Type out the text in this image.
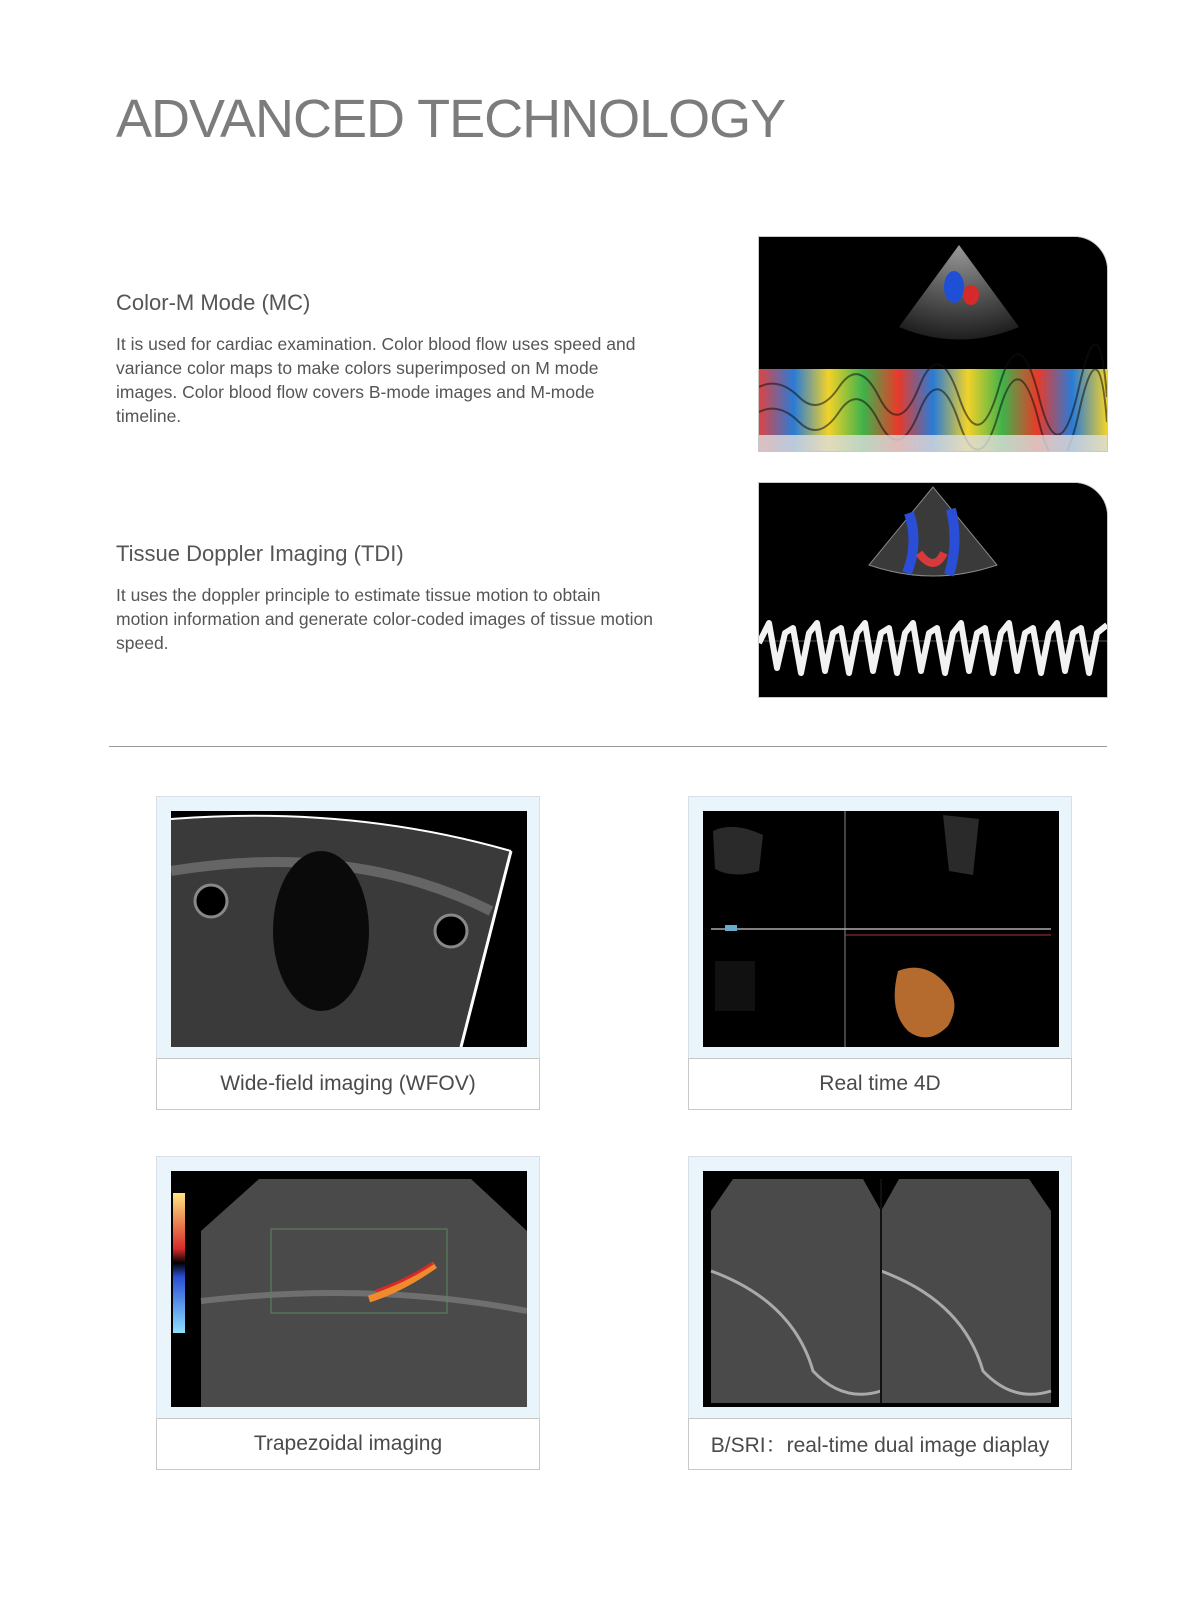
ADVANCED TECHNOLOGY
Color-M Mode (MC)

It is used for cardiac examination. Color blood flow uses speed and variance color maps to make colors superimposed on M mode images. Color blood flow covers B-mode images and M-mode timeline.

Tissue Doppler Imaging (TDI)

It uses the doppler principle to estimate tissue motion to obtain motion information and generate color-coded images of tissue motion speed.

Wide-field imaging (WFOV)	Real time 4D
Trapezoidal imaging	B/SRI：real-time dual image diaplay
